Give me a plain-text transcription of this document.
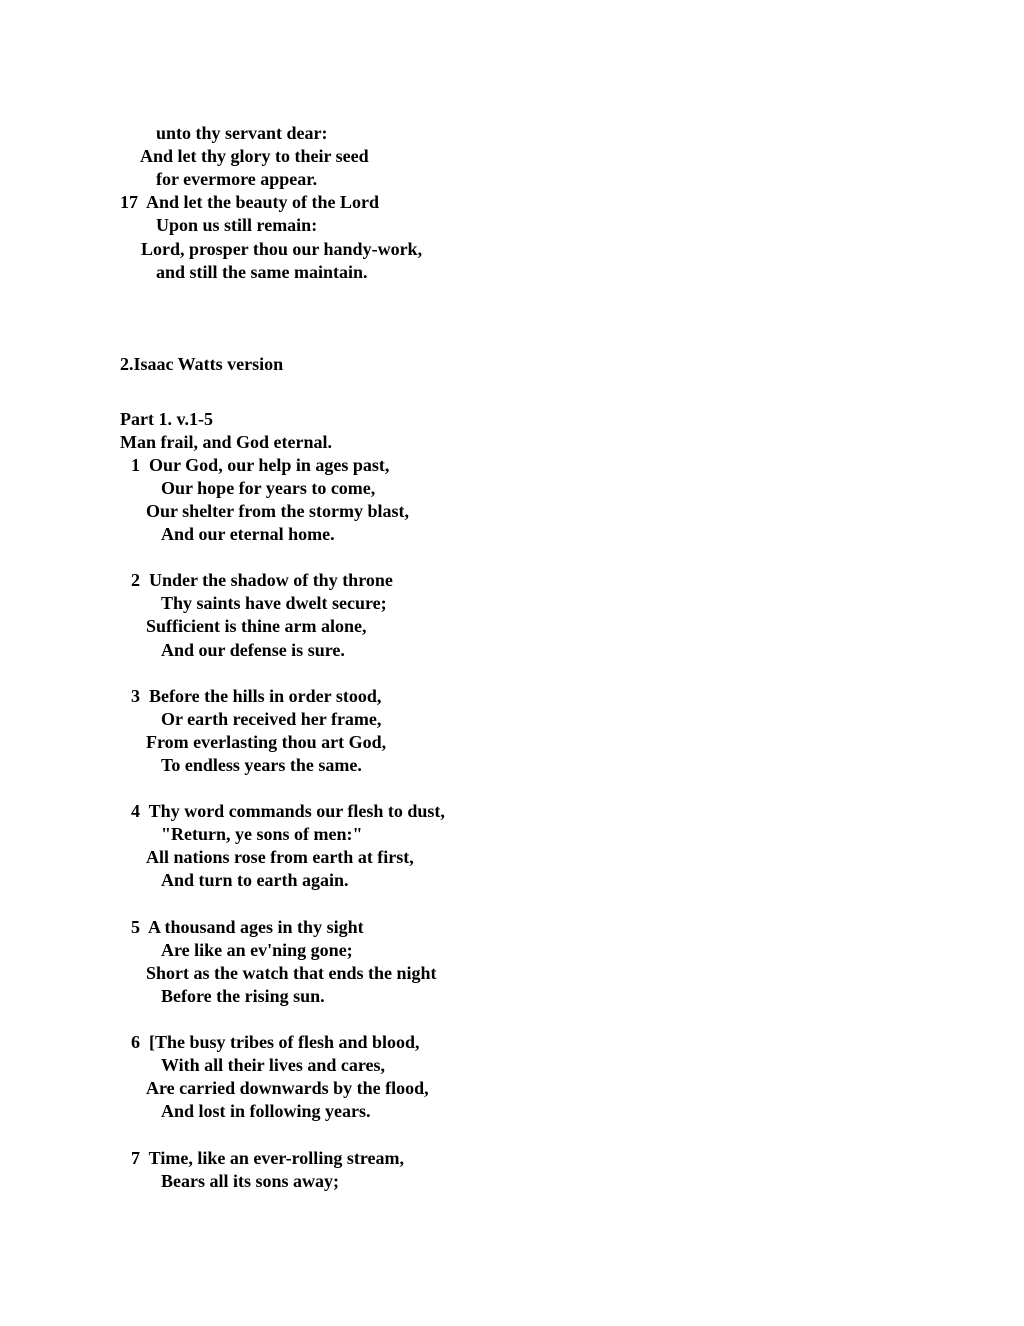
unto thy servant dear:

And let thy glory to their seed

for evermore appear.

17  And let the beauty of the Lord

Upon us still remain:

Lord, prosper thou our handy-work,

and still the same maintain.

2.Isaac Watts version

Part 1. v.1-5

Man frail, and God eternal.

1  Our God, our help in ages past,

Our hope for years to come,

Our shelter from the stormy blast,

And our eternal home.

2  Under the shadow of thy throne

Thy saints have dwelt secure;

Sufficient is thine arm alone,

And our defense is sure.

3  Before the hills in order stood,

Or earth received her frame,

From everlasting thou art God,

To endless years the same.

4  Thy word commands our flesh to dust,

"Return, ye sons of men:"

All nations rose from earth at first,

And turn to earth again.

5  A thousand ages in thy sight

Are like an ev'ning gone;

Short as the watch that ends the night

Before the rising sun.

6  [The busy tribes of flesh and blood,

With all their lives and cares,

Are carried downwards by the flood,

And lost in following years.

7  Time, like an ever-rolling stream,

Bears all its sons away;
